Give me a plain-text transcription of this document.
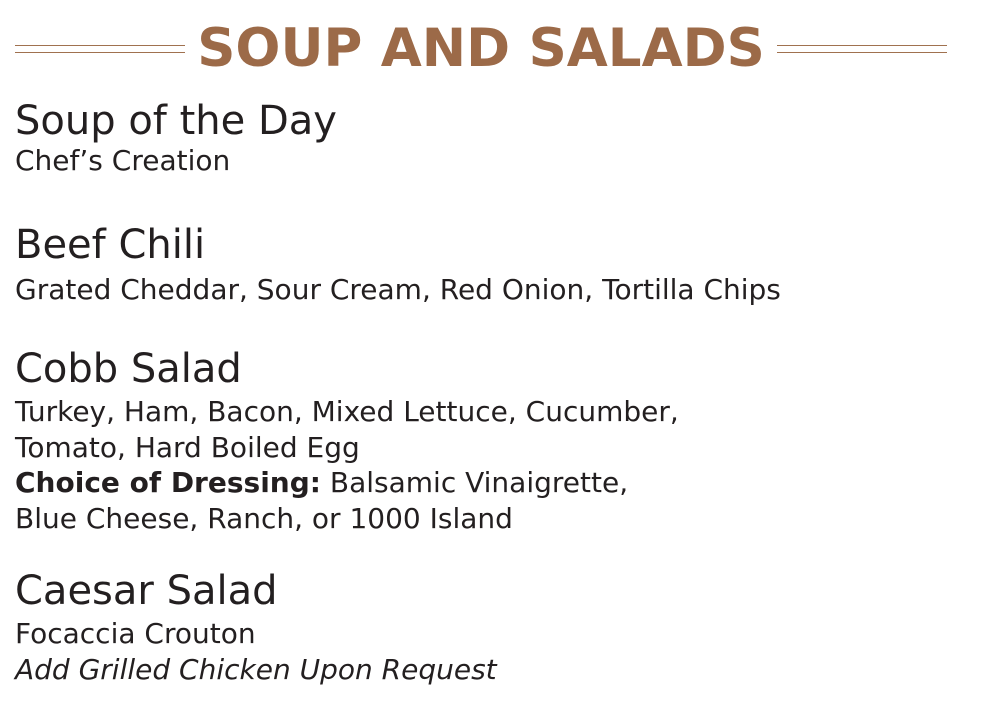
SOUP AND SALADS
Soup of the Day
Chef’s Creation
Beef Chili
Grated Cheddar, Sour Cream, Red Onion, Tortilla Chips
Cobb Salad
Turkey, Ham, Bacon, Mixed Lettuce, Cucumber,
Tomato, Hard Boiled Egg
Choice of Dressing: Balsamic Vinaigrette,
Blue Cheese, Ranch, or 1000 Island
Caesar Salad
Focaccia Crouton
Add Grilled Chicken Upon Request
